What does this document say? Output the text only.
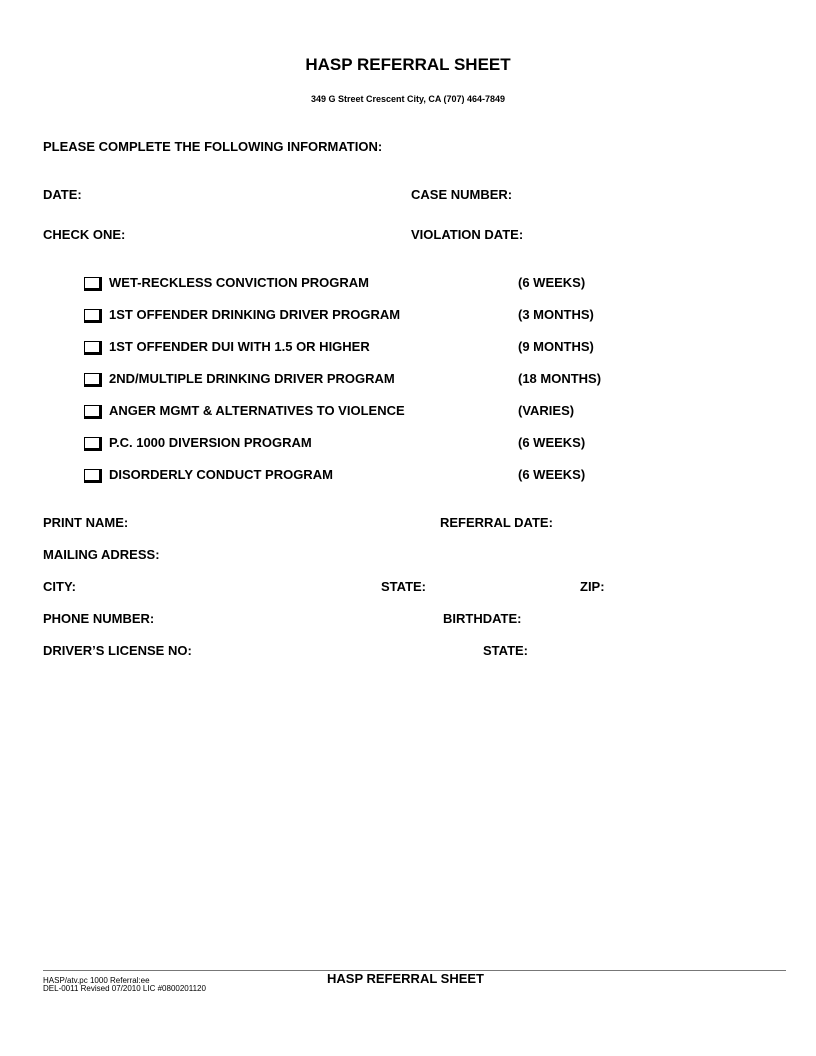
HASP REFERRAL SHEET
349 G Street Crescent City, CA (707) 464-7849
PLEASE COMPLETE THE FOLLOWING INFORMATION:
DATE:	CASE NUMBER:
CHECK ONE:	VIOLATION DATE:
WET-RECKLESS CONVICTION PROGRAM	(6 WEEKS)
1ST OFFENDER DRINKING DRIVER PROGRAM	(3 MONTHS)
1ST OFFENDER DUI WITH 1.5 OR HIGHER	(9 MONTHS)
2ND/MULTIPLE DRINKING DRIVER PROGRAM	(18 MONTHS)
ANGER MGMT & ALTERNATIVES TO VIOLENCE	(VARIES)
P.C. 1000 DIVERSION PROGRAM	(6 WEEKS)
DISORDERLY CONDUCT PROGRAM	(6 WEEKS)
PRINT NAME:	REFERRAL DATE:
MAILING ADRESS:
CITY:	STATE:	ZIP:
PHONE NUMBER:	BIRTHDATE:
DRIVER’S LICENSE NO:	STATE:
HASP/atv.pc 1000 Referral:ee
DEL-0011 Revised 07/2010 LIC #0800201120
HASP REFERRAL SHEET
